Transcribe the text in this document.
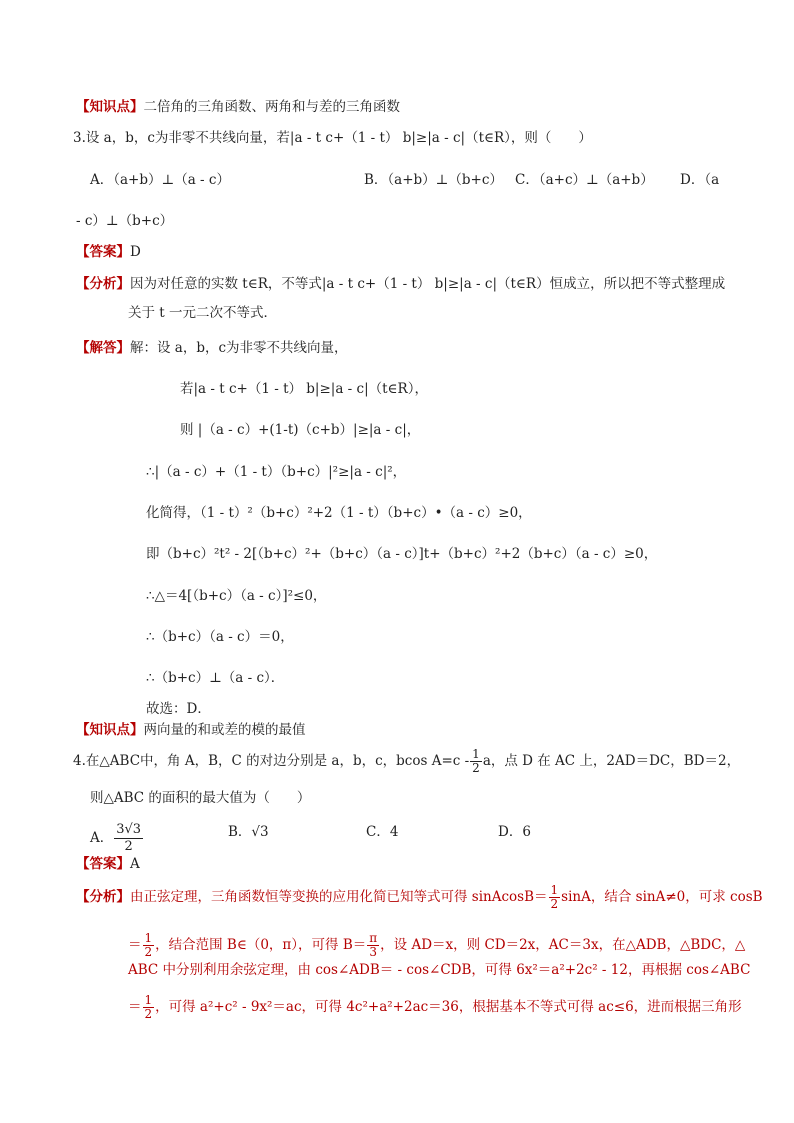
【知识点】二倍角的三角函数、两角和与差的三角函数
3.设 a，b，c为非零不共线向量，若|a - t c+（1 - t） b|≥|a - c|（t∈R），则（　　）
A．（a+b）⊥（a - c）	B．（a+b）⊥（b+c） C．（a+c）⊥（a+b） D．（a
- c）⊥（b+c）
【答案】D
【分析】因为对任意的实数 t∈R，不等式|a - t c+（1 - t） b|≥|a - c|（t∈R）恒成立，所以把不等式整理成
关于 t 一元二次不等式．
【解答】解：设 a，b，c为非零不共线向量，
若|a - t c+（1 - t） b|≥|a - c|（t∈R），
则 |（a - c）+(1-t)（c+b）|≥|a - c|，
∴|（a - c）+（1 - t）（b+c）|²≥|a - c|²，
化简得，（1 - t）²（b+c）²+2（1 - t）（b+c）•（a - c）≥0，
即（b+c）²t² - 2[（b+c）²+（b+c）（a - c）]t+（b+c）²+2（b+c）（a - c）≥0，
∴△＝4[（b+c）（a - c）]²≤0，
∴（b+c）（a - c）＝0，
∴（b+c）⊥（a - c）．
故选：D．
【知识点】两向量的和或差的模的最值
4.在△ABC中，角 A，B，C 的对边分别是 a，b，c，bcos $A=c - \frac{1}{2}$ a，点 D 在 AC 上，2AD＝DC，BD＝2，
则△ABC 的面积的最大值为（　　）
A． $\frac{3√3}{2}$	B．√3	C．4	D．6
【答案】A
【分析】由正弦定理，三角函数恒等变换的应用化简已知等式可得 sinAcosB＝ $\frac{1}{2}$ sinA，结合 sinA≠0，可求 cosB
＝ $\frac{1}{2}$ ，结合范围 B∈（0，π），可得 $B= \frac{\pi}{3}$ ，设 AD＝x，则 CD＝2x，AC＝3x，在△ADB，△BDC，△
ABC 中分别利用余弦定理，由 cos∠ADB＝ - cos∠CDB，可得 6x²＝a²+2c² - 12，再根据 cos∠ABC
＝ $\frac{1}{2}$ ，可得 a²+c² - 9x²＝ac，可得 4c²+a²+2ac＝36，根据基本不等式可得 ac≤6，进而根据三角形
